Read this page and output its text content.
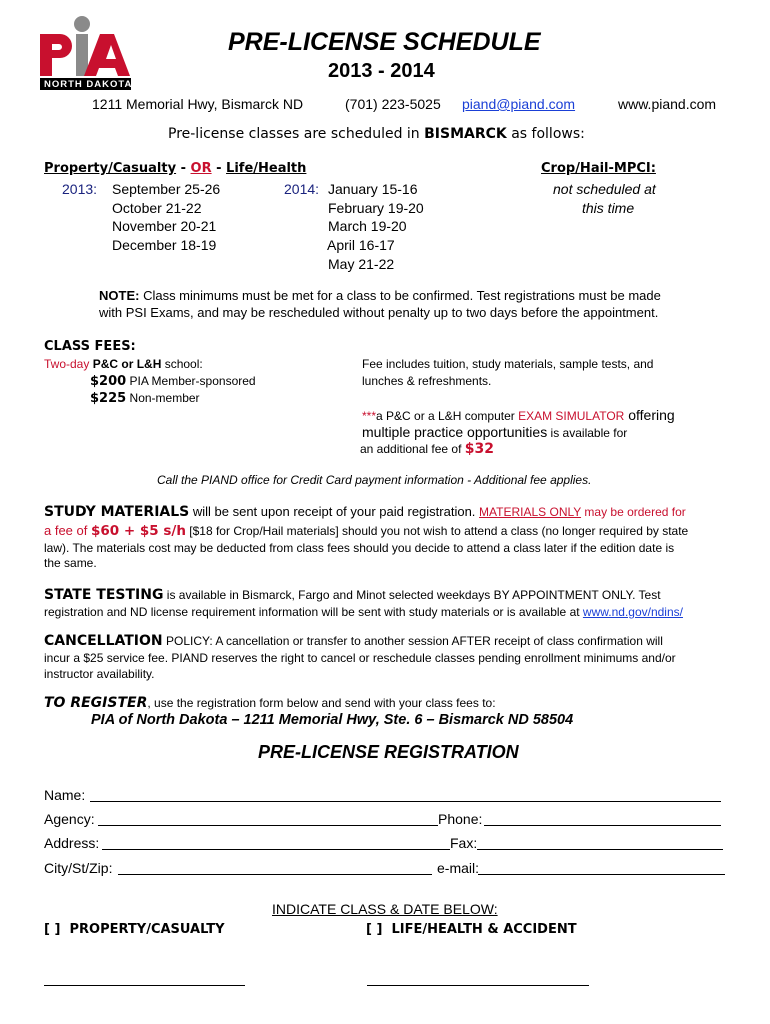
NORTH DAKOTA
PRE-LICENSE SCHEDULE
2013 - 2014
1211 Memorial Hwy, Bismarck ND	(701) 223-5025 piand@piand.com	www.piand.com
Pre-license classes are scheduled in BISMARCK as follows:
Property/Casualty - OR - Life/Health
2013: September 25-26
October 21-22
November 20-21
December 18-19
2014: January 15-16
February 19-20
March 19-20
April 16-17
May 21-22
Crop/Hail-MPCI:
not scheduled at
this time
NOTE: Class minimums must be met for a class to be confirmed. Test registrations must be made
with PSI Exams, and may be rescheduled without penalty up to two days before the appointment.
CLASS FEES:
Two-day P&C or L&H school:
$200 PIA Member-sponsored
$225 Non-member
Fee includes tuition, study materials, sample tests, and
lunches & refreshments.
***a P&C or a L&H computer EXAM SIMULATOR offering
multiple practice opportunities is available for
an additional fee of $32
Call the PIAND office for Credit Card payment information - Additional fee applies.
STUDY MATERIALS will be sent upon receipt of your paid registration. MATERIALS ONLY may be ordered for
a fee of $60 + $5 s/h [$18 for Crop/Hail materials] should you not wish to attend a class (no longer required by state
law). The materials cost may be deducted from class fees should you decide to attend a class later if the edition date is
the same.
STATE TESTING is available in Bismarck, Fargo and Minot selected weekdays BY APPOINTMENT ONLY. Test
registration and ND license requirement information will be sent with study materials or is available at www.nd.gov/ndins/
CANCELLATION POLICY: A cancellation or transfer to another session AFTER receipt of class confirmation will
incur a $25 service fee. PIAND reserves the right to cancel or reschedule classes pending enrollment minimums and/or
instructor availability.
TO REGISTER, use the registration form below and send with your class fees to:
PIA of North Dakota – 1211 Memorial Hwy, Ste. 6 – Bismarck ND 58504
PRE-LICENSE REGISTRATION
Name:
Agency:	Phone:
Address:	Fax:
City/St/Zip:	e-mail:
INDICATE CLASS & DATE BELOW:
[ ] PROPERTY/CASUALTY	[ ] LIFE/HEALTH & ACCIDENT
